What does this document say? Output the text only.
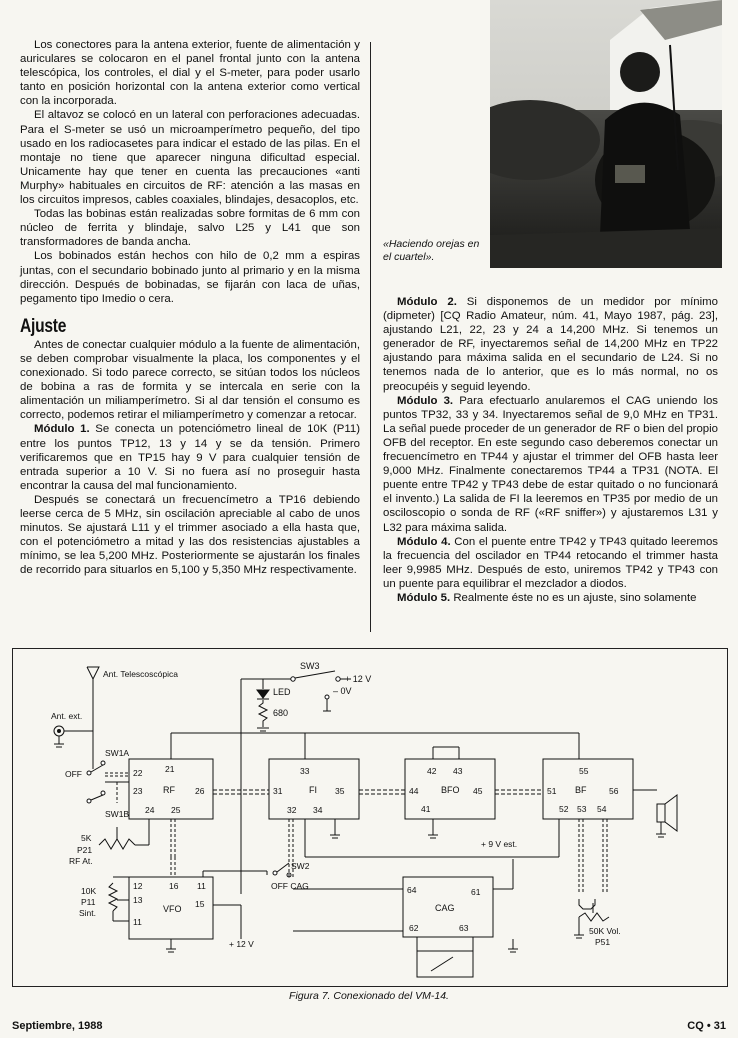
Los conectores para la antena exterior, fuente de alimentación y auriculares se colocaron en el panel frontal junto con la antena telescópica, los controles, el dial y el S-meter, para poder usarlo tanto en posición horizontal con la antena exterior como vertical con la incorporada.

El altavoz se colocó en un lateral con perforaciones adecuadas. Para el S-meter se usó un microamperímetro pequeño, del tipo usado en los radiocasetes para indicar el estado de las pilas. En el montaje no tiene que aparecer ninguna dificultad especial. Unicamente hay que tener en cuenta las precauciones «anti Murphy» habituales en circuitos de RF: atención a las masas en los circuitos impresos, cables coaxiales, blindajes, desacoplos, etc.

Todas las bobinas están realizadas sobre formitas de 6 mm con núcleo de ferrita y blindaje, salvo L25 y L41 que son transformadores de banda ancha.

Los bobinados están hechos con hilo de 0,2 mm a espiras juntas, con el secundario bobinado junto al primario y en la misma dirección. Después de bobinadas, se fijarán con laca de uñas, pegamento tipo Imedio o cera.

Ajuste

Antes de conectar cualquier módulo a la fuente de alimentación, se deben comprobar visualmente la placa, los componentes y el conexionado. Si todo parece correcto, se sitúan todos los núcleos de bobina a ras de formita y se intercala en serie con la alimentación un miliamperímetro. Si al dar tensión el consumo es correcto, podemos retirar el miliamperímetro y comenzar a retocar.

Módulo 1. Se conecta un potenciómetro lineal de 10K (P11) entre los puntos TP12, 13 y 14 y se da tensión. Primero verificaremos que en TP15 hay 9 V para cualquier tensión de entrada superior a 10 V. Si no fuera así no proseguir hasta encontrar la causa del mal funcionamiento.

Después se conectará un frecuencímetro a TP16 debiendo leerse cerca de 5 MHz, sin oscilación apreciable al cabo de unos minutos. Se ajustará L11 y el trimmer asociado a ella hasta que, con el potenciómetro a mitad y las dos resistencias ajustables a mínimo, se lea 5,200 MHz. Posteriormente se ajustarán los finales de recorrido para situarlos en 5,100 y 5,350 MHz respectivamente.

«Haciendo orejas en el cuartel».

Módulo 2. Si disponemos de un medidor por mínimo (dipmeter) [CQ Radio Amateur, núm. 41, Mayo 1987, pág. 23], ajustando L21, 22, 23 y 24 a 14,200 MHz. Si tenemos un generador de RF, inyectaremos señal de 14,200 MHz en TP22 ajustando para máxima salida en el secundario de L24. Si no tenemos nada de lo anterior, que es lo más normal, no os preocupéis y seguid leyendo.

Módulo 3. Para efectuarlo anularemos el CAG uniendo los puntos TP32, 33 y 34. Inyectaremos señal de 9,0 MHz en TP31. La señal puede proceder de un generador de RF o bien del propio OFB del receptor. En este segundo caso deberemos conectar un frecuencímetro en TP44 y ajustar el trimmer del OFB hasta leer 9,000 MHz. Finalmente conectaremos TP44 a TP31 (NOTA. El puente entre TP42 y TP43 debe de estar quitado o no funcionará el invento.) La salida de FI la leeremos en TP35 por medio de un osciloscopio o sonda de RF («RF sniffer») y ajustaremos L31 y L32 para máxima salida.

Módulo 4. Con el puente entre TP42 y TP43 quitado leeremos la frecuencia del oscilador en TP44 retocando el trimmer hasta leer 9,9985 MHz. Después de esto, uniremos TP42 y TP43 con un puente para equilibrar el mezclador a diodos.

Módulo 5. Realmente éste no es un ajuste, sino solamente

SW3
+ 12 V
LED
680
– 0V
Ant. Telescoscópica
Ant. ext.
SW1A
OFF
SW1B
RF
21
22
23
24 25
26	FI
33
31
32 34
35	BFO
42 43
44
41
45	BF
55
51
52 53 54
56
+ 9 V est.
5K
P21
RF At.
VFO
12
13
11
16 11
15
10K
P11
Sint.
SW2
OFF CAG
+ 12 V
CAG
64	61
62	63	50K Vol.
P51
Figura 7. Conexionado del VM-14.
Septiembre, 1988	CQ • 31
